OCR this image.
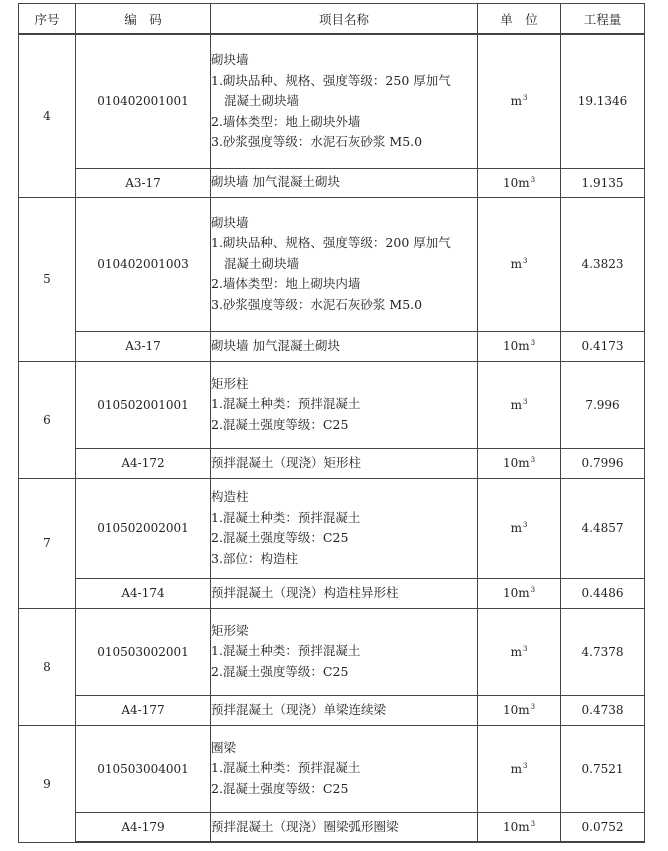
序号	编　码	项目名称	单　位	工程量
4	010402001001	砌块墙
1.砌块品种、规格、强度等级：250 厚加气
混凝土砌块墙
2.墙体类型：地上砌块外墙
3.砂浆强度等级：水泥石灰砂浆 M5.0	$m^3$	19.1346
	A3-17	砌块墙 加气混凝土砌块	$10m^3$	1.9135
5	010402001003	砌块墙
1.砌块品种、规格、强度等级：200 厚加气
混凝土砌块墙
2.墙体类型：地上砌块内墙
3.砂浆强度等级：水泥石灰砂浆 M5.0	$m^3$	4.3823
	A3-17	砌块墙 加气混凝土砌块	$10m^3$	0.4173
6	010502001001	矩形柱
1.混凝土种类：预拌混凝土
2.混凝土强度等级：C25	$m^3$	7.996
	A4-172	预拌混凝土（现浇）矩形柱	$10m^3$	0.7996
7	010502002001	构造柱
1.混凝土种类：预拌混凝土
2.混凝土强度等级：C25
3.部位：构造柱	$m^3$	4.4857
	A4-174	预拌混凝土（现浇）构造柱异形柱	$10m^3$	0.4486
8	010503002001	矩形梁
1.混凝土种类：预拌混凝土
2.混凝土强度等级：C25	$m^3$	4.7378
	A4-177	预拌混凝土（现浇）单梁连续梁	$10m^3$	0.4738
9	010503004001	圈梁
1.混凝土种类：预拌混凝土
2.混凝土强度等级：C25	$m^3$	0.7521
	A4-179	预拌混凝土（现浇）圈梁弧形圈梁	$10m^3$	0.0752
